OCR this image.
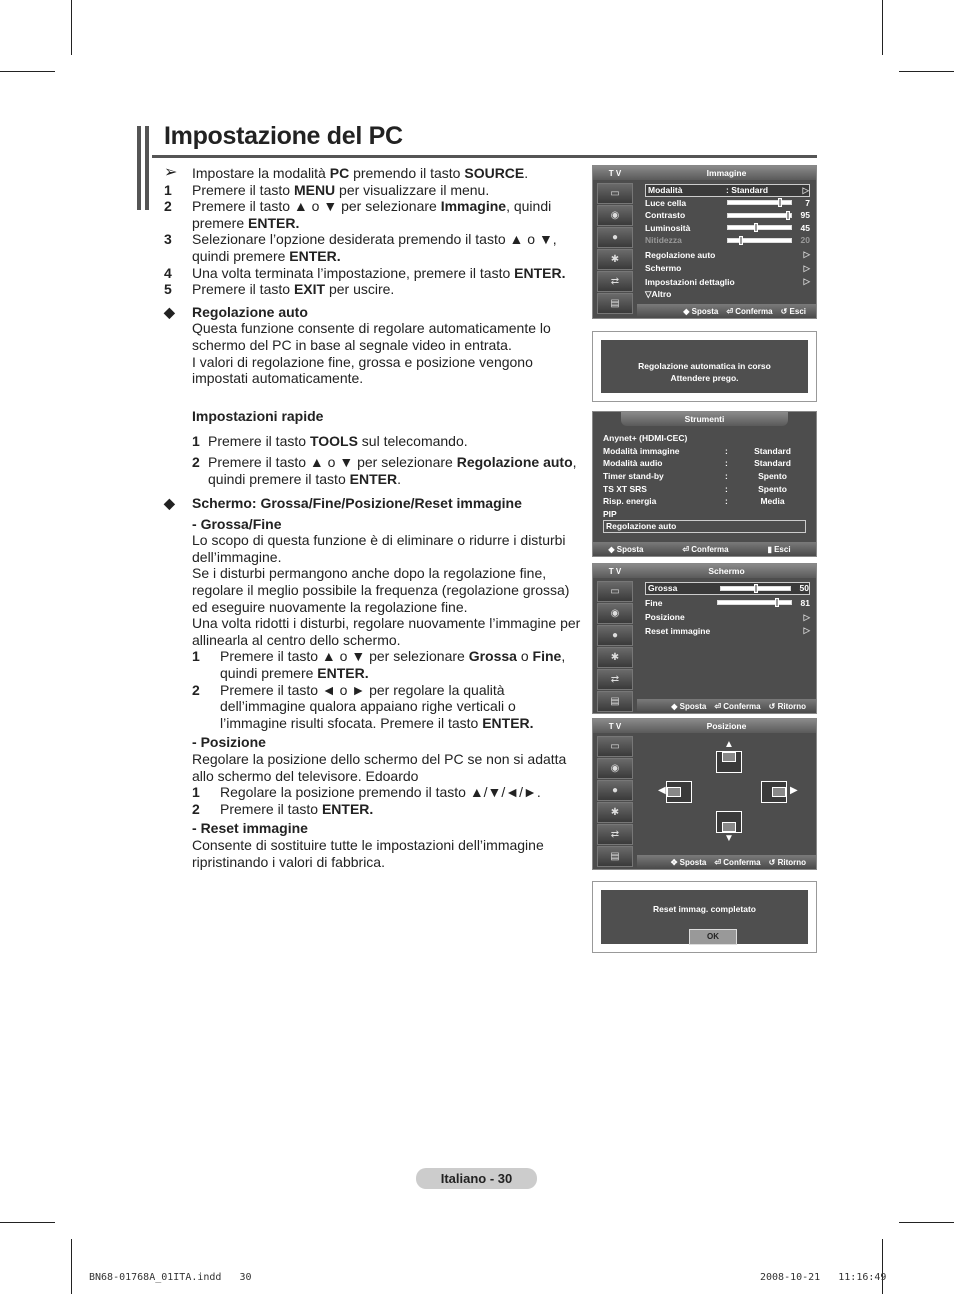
Impostazione del PC
➢	Impostare la modalità PC premendo il tasto SOURCE.
1	Premere il tasto MENU per visualizzare il menu.
2	Premere il tasto ▲ o ▼ per selezionare Immagine, quindi premere ENTER.
3	Selezionare l’opzione desiderata premendo il tasto ▲ o ▼, quindi premere ENTER.
4	Una volta terminata l’impostazione, premere il tasto ENTER.
5	Premere il tasto EXIT per uscire.
◆	Regolazione auto
Questa funzione consente di regolare automaticamente lo schermo del PC in base al segnale video in entrata.
I valori di regolazione fine, grossa e posizione vengono impostati automaticamente.
Impostazioni rapide
1 Premere il tasto TOOLS sul telecomando.
2 Premere il tasto ▲ o ▼ per selezionare Regolazione auto, quindi premere il tasto ENTER.
◆	Schermo: Grossa/Fine/Posizione/Reset immagine
- Grossa/Fine
Lo scopo di questa funzione è di eliminare o ridurre i disturbi dell’immagine.
Se i disturbi permangono anche dopo la regolazione fine, regolare il meglio possibile la frequenza (regolazione grossa) ed eseguire nuovamente la regolazione fine.
Una volta ridotti i disturbi, regolare nuovamente l’immagine per allinearla al centro dello schermo.
1	Premere il tasto ▲ o ▼ per selezionare Grossa o Fine, quindi premere ENTER.
2	Premere il tasto ◄ o ► per regolare la qualità dell’immagine qualora appaiano righe verticali o l’immagine risulti sfocata. Premere il tasto ENTER.
- Posizione
Regolare la posizione dello schermo del PC se non si adatta allo schermo del televisore. Edoardo
1	Regolare la posizione premendo il tasto ▲/▼/◄/►.
2	Premere il tasto ENTER.
- Reset immagine
Consente di sostituire tutte le impostazioni dell’immagine ripristinando i valori di fabbrica.
T V	Immagine
▭
◉
●
✱
⇄
▤
Modalità	: Standard	▷
Luce cella	7
Contrasto	95
Luminosità	45
Nitidezza	20
Regolazione auto	▷
Schermo	▷
Impostazioni dettaglio	▷
▽Altro
◆ Sposta ⏎ Conferma ↺ Esci
Regolazione automatica in corso
Attendere prego.
Strumenti
Anynet+ (HDMI-CEC)
Modalità immagine	:	Standard
Modalità audio	:	Standard
Timer stand-by	:	Spento
TS XT SRS	:	Spento
Risp. energia	:	Media
PIP
Regolazione auto
◆ Sposta	⏎ Conferma	▮ Esci
T V	Schermo
▭
◉
●
✱
⇄
▤
Grossa	50
Fine	81
Posizione	▷
Reset immagine	▷
◆ Sposta ⏎ Conferma ↺ Ritorno
T V	Posizione
▭
◉
●
✱
⇄
▤
▲
◀	▶
▼
✥ Sposta ⏎ Conferma ↺ Ritorno
Reset immag. completato
OK
Italiano - 30
BN68-01768A_01ITA.indd   30	2008-10-21   11:16:49
